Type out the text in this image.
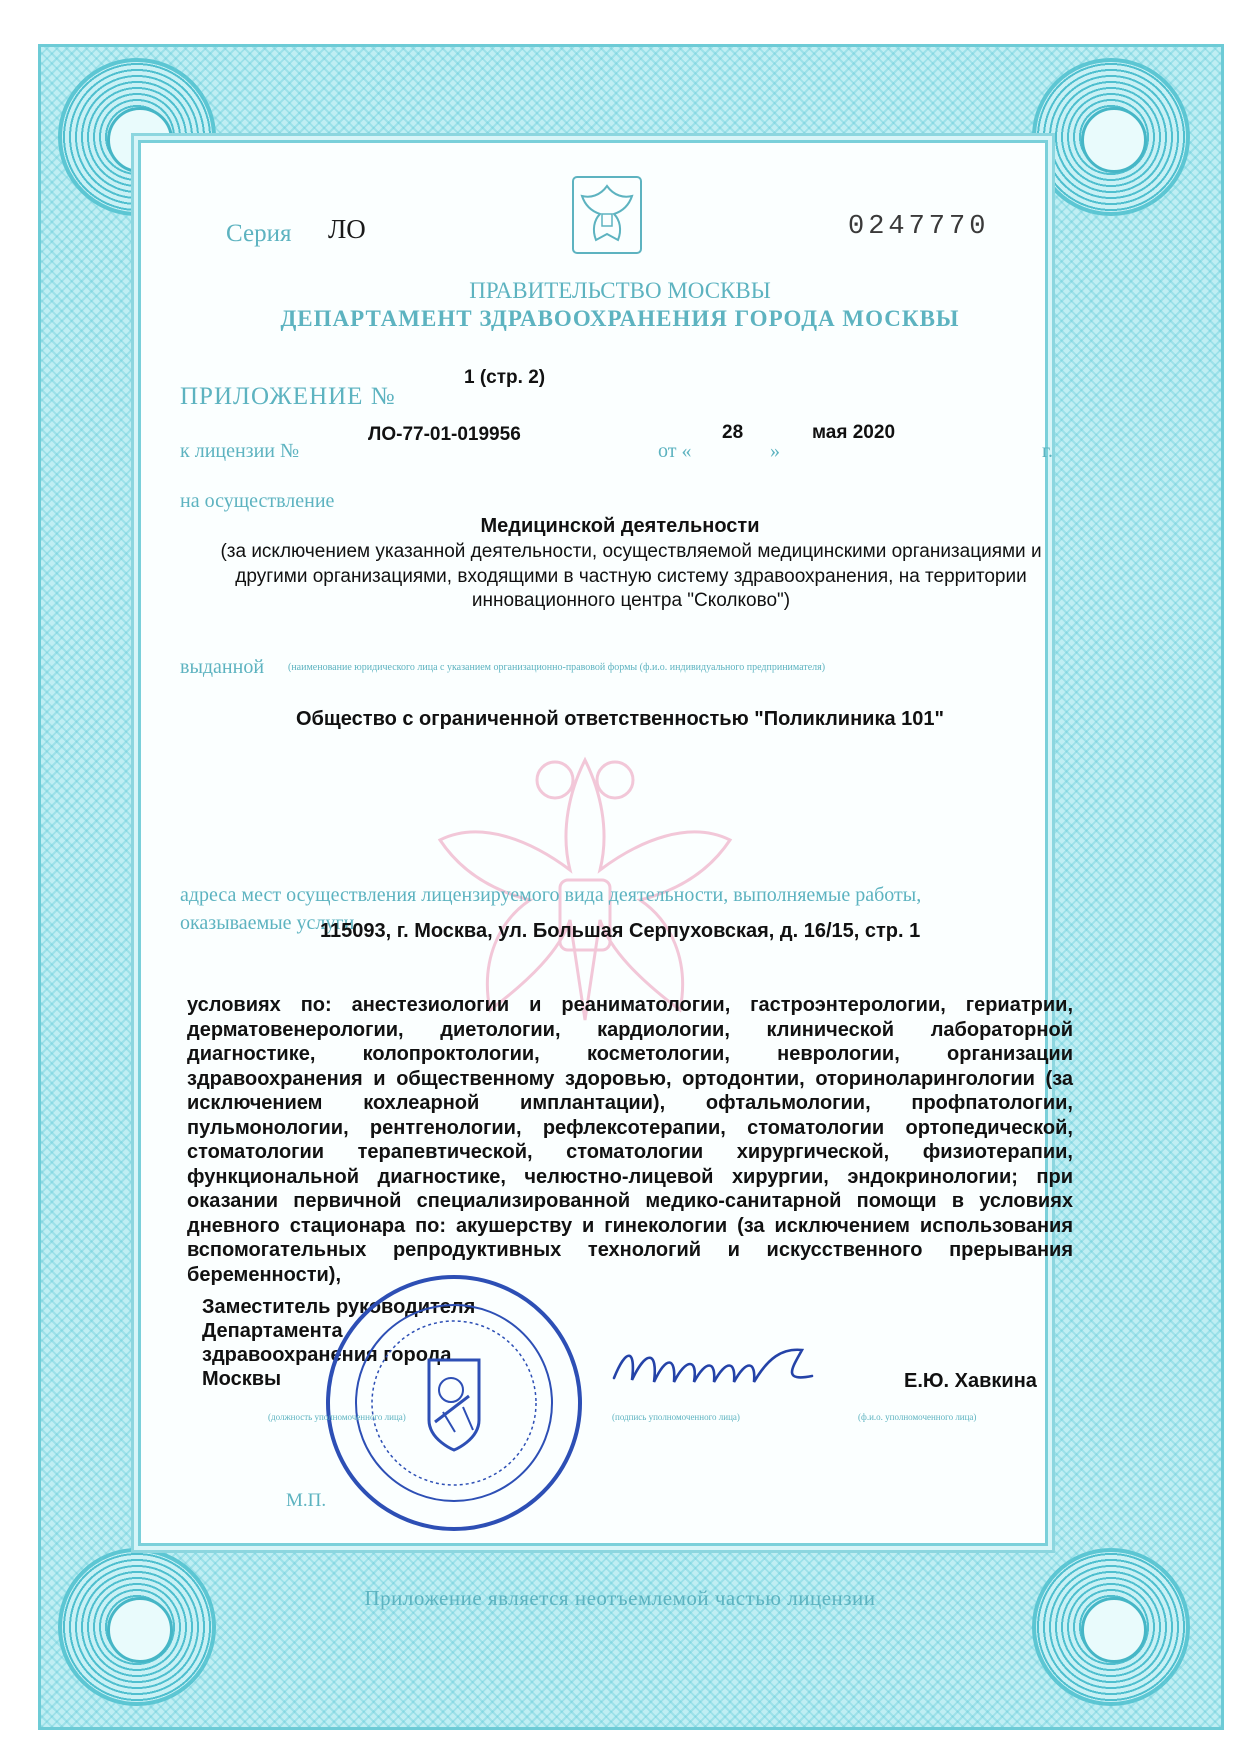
Серия ЛО	0247770
ПРАВИТЕЛЬСТВО МОСКВЫ
ДЕПАРТАМЕНТ ЗДРАВООХРАНЕНИЯ ГОРОДА МОСКВЫ
ПРИЛОЖЕНИЕ №
1 (стр. 2)
к лицензии №
ЛО-77-01-019956
от «
28
»
мая 2020
г.
на осуществление
Медицинской деятельности
(за исключением указанной деятельности, осуществляемой медицинскими организациями и другими организациями, входящими в частную систему здравоохранения, на территории инновационного центра "Сколково")
выданной (наименование юридического лица с указанием организационно-правовой формы (ф.и.о. индивидуального предпринимателя)
Общество с ограниченной ответственностью "Поликлиника 101"
адреса мест осуществления лицензируемого вида деятельности, выполняемые работы,
оказываемые услуги
115093, г. Москва, ул. Большая Серпуховская, д. 16/15, стр. 1

условиях по: анестезиологии и реаниматологии, гастроэнтерологии, гериатрии, дерматовенерологии, диетологии, кардиологии, клинической лабораторной диагностике, колопроктологии, косметологии, неврологии, организации здравоохранения и общественному здоровью, ортодонтии, оториноларингологии (за исключением кохлеарной имплантации), офтальмологии, профпатологии, пульмонологии, рентгенологии, рефлексотерапии, стоматологии ортопедической, стоматологии терапевтической, стоматологии хирургической, физиотерапии, функциональной диагностике, челюстно-лицевой хирургии, эндокринологии; при оказании первичной специализированной медико-санитарной помощи в условиях дневного стационара по: акушерству и гинекологии (за исключением использования вспомогательных репродуктивных технологий и искусственного прерывания беременности),

Заместитель руководителя
Департамента
здравоохранения города
Москвы	Е.Ю. Хавкина
(должность уполномоченного лица)	(подпись уполномоченного лица)	(ф.и.о. уполномоченного лица)
М.П.
Приложение является неотъемлемой частью лицензии
